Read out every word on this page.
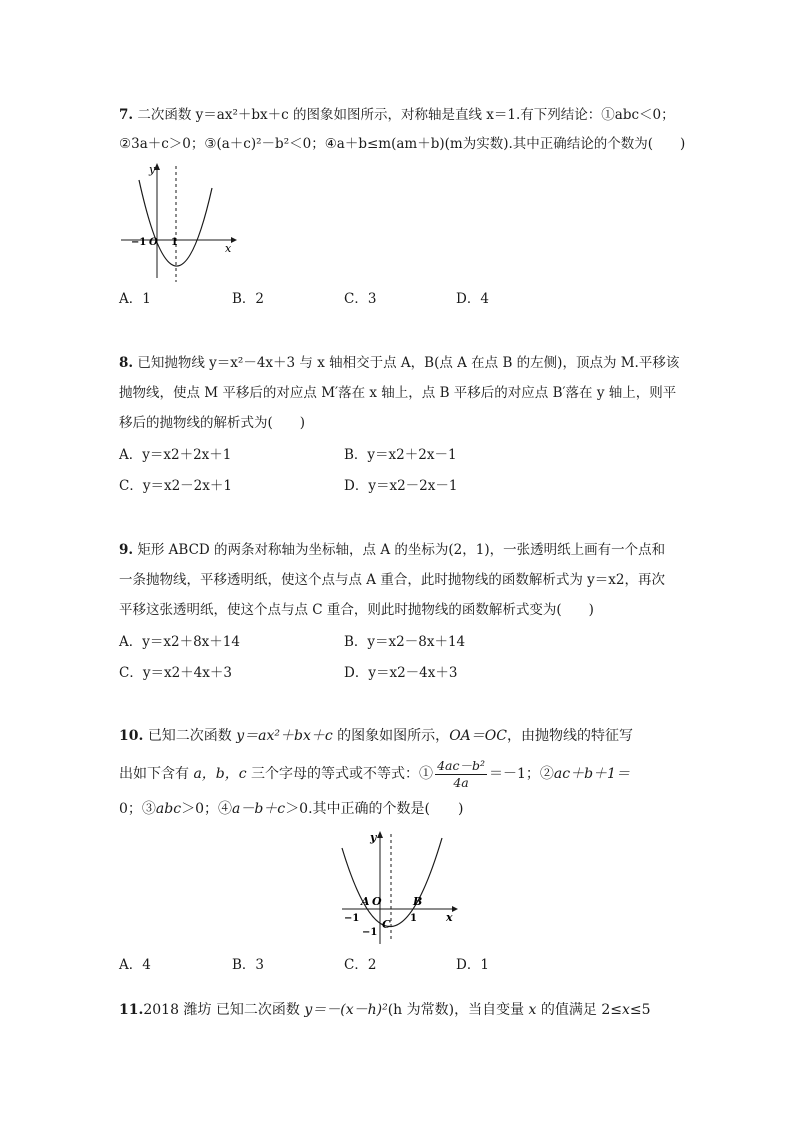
7. 二次函数 y＝ax²＋bx＋c 的图象如图所示，对称轴是直线 x＝1.有下列结论：①abc＜0；
②3a＋c＞0；③(a＋c)²－b²＜0；④a＋b≤m(am＋b)(m为实数).其中正确结论的个数为(　　)
y
x
−1 O 1
A．1	B．2	C．3	D．4
8. 已知抛物线 y＝x²－4x＋3 与 x 轴相交于点 A，B(点 A 在点 B 的左侧)，顶点为 M.平移该
抛物线，使点 M 平移后的对应点 M′落在 x 轴上，点 B 平移后的对应点 B′落在 y 轴上，则平
移后的抛物线的解析式为(　　)
A．y＝x2＋2x＋1	B．y＝x2＋2x－1
C．y＝x2－2x＋1	D．y＝x2－2x－1
9. 矩形 ABCD 的两条对称轴为坐标轴，点 A 的坐标为(2，1)，一张透明纸上画有一个点和
一条抛物线，平移透明纸，使这个点与点 A 重合，此时抛物线的函数解析式为 y＝x2，再次
平移这张透明纸，使这个点与点 C 重合，则此时抛物线的函数解析式变为(　　)
A．y＝x2＋8x＋14	B．y＝x2－8x＋14
C．y＝x2＋4x＋3	D．y＝x2－4x＋3
10. 已知二次函数 y＝ax²＋bx＋c 的图象如图所示，OA＝OC，由抛物线的特征写
出如下含有 a，b，c 三个字母的等式或不等式：① $\frac{\text{4ac－b²}}{4a} =-1$；②ac＋b＋1＝
0；③abc＞0；④a－b＋c＞0.其中正确的个数是(　　)
y
x
A O	B
−1	1
C
−1
A．4	B．3	C．2	D．1
11.2018 潍坊 已知二次函数 y＝－(x－h)²(h 为常数)，当自变量 x 的值满足 2≤x≤5
